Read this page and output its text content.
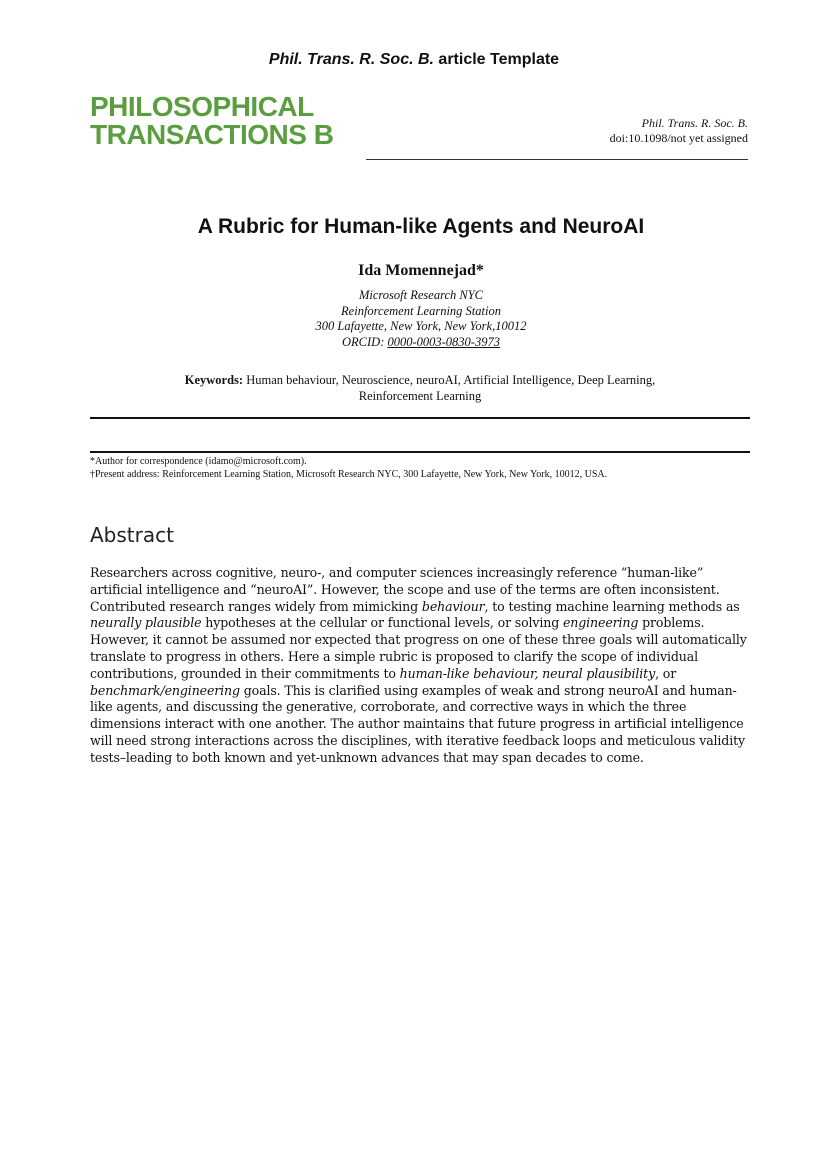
Phil. Trans. R. Soc. B. article Template
PHILOSOPHICAL
TRANSACTIONS B	Phil. Trans. R. Soc. B.
doi:10.1098/not yet assigned
A Rubric for Human-like Agents and NeuroAI
Ida Momennejad*
Microsoft Research NYC
Reinforcement Learning Station
300 Lafayette, New York, New York,10012
ORCID: 0000-0003-0830-3973
Keywords: Human behaviour, Neuroscience, neuroAI, Artificial Intelligence, Deep Learning,
Reinforcement Learning
*Author for correspondence (idamo@microsoft.com).
†Present address: Reinforcement Learning Station, Microsoft Research NYC, 300 Lafayette, New York, New York, 10012, USA.
Abstract
Researchers across cognitive, neuro-, and computer sciences increasingly reference “human-like” artificial intelligence and “neuroAI”. However, the scope and use of the terms are often inconsistent. Contributed research ranges widely from mimicking behaviour, to testing machine learning methods as neurally plausible hypotheses at the cellular or functional levels, or solving engineering problems. However, it cannot be assumed nor expected that progress on one of these three goals will automatically translate to progress in others. Here a simple rubric is proposed to clarify the scope of individual contributions, grounded in their commitments to human-like behaviour, neural plausibility, or benchmark/engineering goals. This is clarified using examples of weak and strong neuroAI and human-like agents, and discussing the generative, corroborate, and corrective ways in which the three dimensions interact with one another. The author maintains that future progress in artificial intelligence will need strong interactions across the disciplines, with iterative feedback loops and meticulous validity tests–leading to both known and yet-unknown advances that may span decades to come.
